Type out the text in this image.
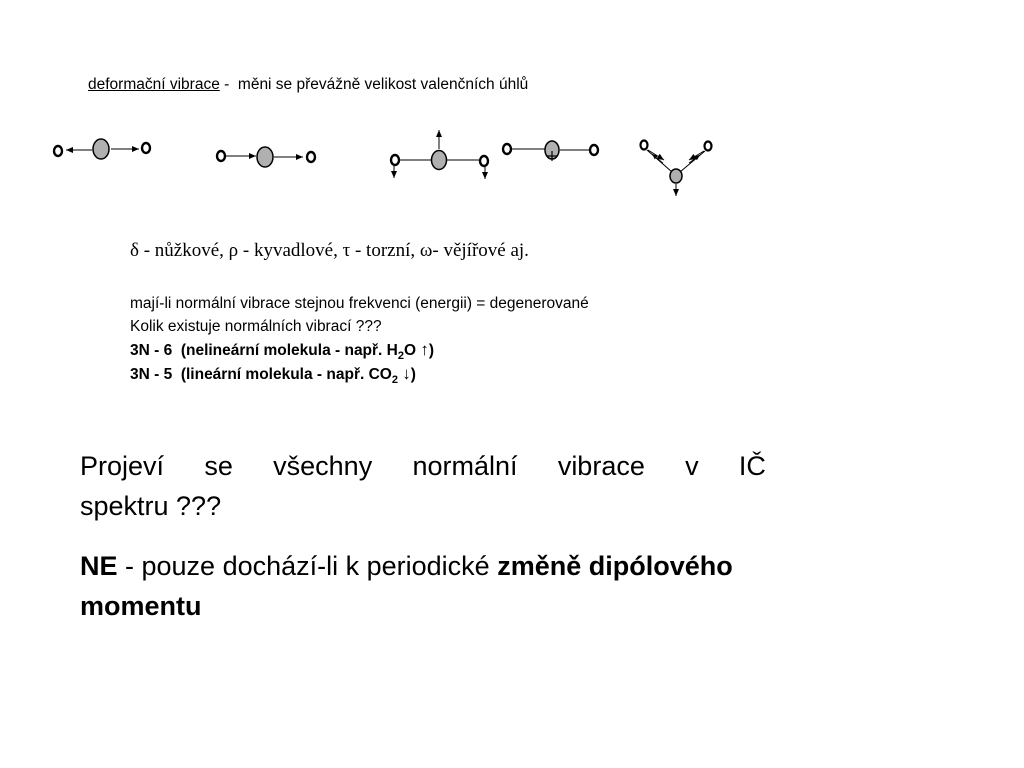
deformační vibrace -  měni se převážně velikost valenčních úhlů
δ - nůžkové, ρ - kyvadlové, τ - torzní, ω- vějířové aj.
mají-li normální vibrace stejnou frekvenci (energii) = degenerované
Kolik existuje normálních vibrací ???
3N - 6  (nelineární molekula - např. $H_2O$ ↑)
3N - 5  (lineární molekula - např. $CO_2$ ↓)
Projeví se všechny normální vibrace v IČ
spektru ???
NE - pouze dochází-li k periodické změně dipólového momentu
